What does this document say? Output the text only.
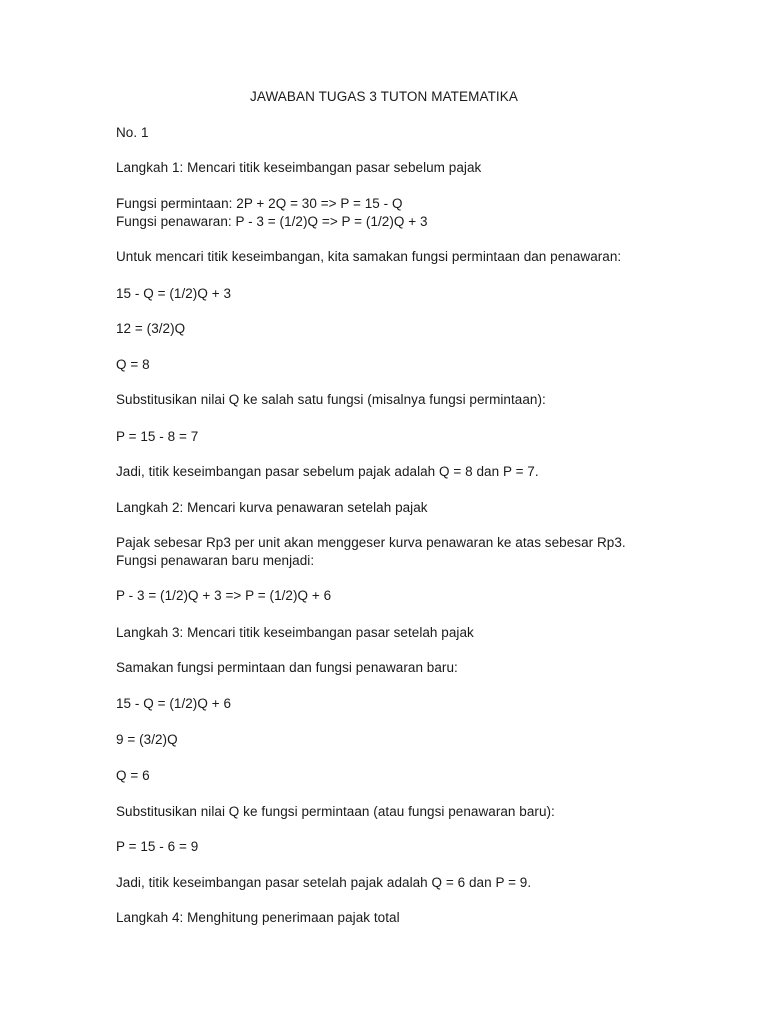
JAWABAN TUGAS 3 TUTON MATEMATIKA
No. 1
Langkah 1: Mencari titik keseimbangan pasar sebelum pajak
Fungsi permintaan: 2P + 2Q = 30 => P = 15 - Q
Fungsi penawaran: P - 3 = (1/2)Q => P = (1/2)Q + 3
Untuk mencari titik keseimbangan, kita samakan fungsi permintaan dan penawaran:
15 - Q = (1/2)Q + 3
12 = (3/2)Q
Q = 8
Substitusikan nilai Q ke salah satu fungsi (misalnya fungsi permintaan):
P = 15 - 8 = 7
Jadi, titik keseimbangan pasar sebelum pajak adalah Q = 8 dan P = 7.
Langkah 2: Mencari kurva penawaran setelah pajak
Pajak sebesar Rp3 per unit akan menggeser kurva penawaran ke atas sebesar Rp3.
Fungsi penawaran baru menjadi:
P - 3 = (1/2)Q + 3 => P = (1/2)Q + 6
Langkah 3: Mencari titik keseimbangan pasar setelah pajak
Samakan fungsi permintaan dan fungsi penawaran baru:
15 - Q = (1/2)Q + 6
9 = (3/2)Q
Q = 6
Substitusikan nilai Q ke fungsi permintaan (atau fungsi penawaran baru):
P = 15 - 6 = 9
Jadi, titik keseimbangan pasar setelah pajak adalah Q = 6 dan P = 9.
Langkah 4: Menghitung penerimaan pajak total
